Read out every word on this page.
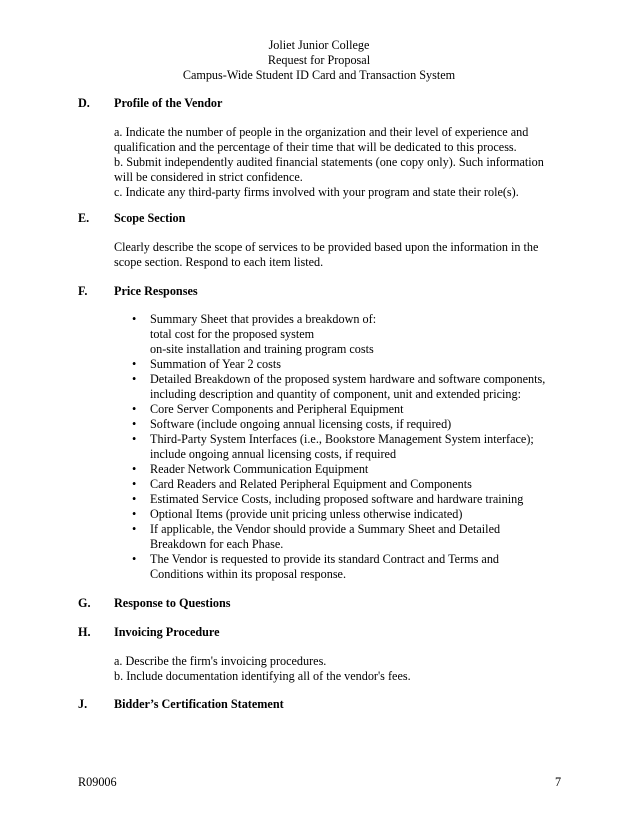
Joliet Junior College
Request for Proposal
Campus-Wide Student ID Card and Transaction System
D. Profile of the Vendor
a. Indicate the number of people in the organization and their level of experience and
qualification and the percentage of their time that will be dedicated to this process.
b. Submit independently audited financial statements (one copy only). Such information
will be considered in strict confidence.
c. Indicate any third-party firms involved with your program and state their role(s).
E. Scope Section
Clearly describe the scope of services to be provided based upon the information in the
scope section. Respond to each item listed.
F. Price Responses
• Summary Sheet that provides a breakdown of:
total cost for the proposed system
on-site installation and training program costs
• Summation of Year 2 costs
• Detailed Breakdown of the proposed system hardware and software components,
including description and quantity of component, unit and extended pricing:
• Core Server Components and Peripheral Equipment
• Software (include ongoing annual licensing costs, if required)
• Third-Party System Interfaces (i.e., Bookstore Management System interface);
include ongoing annual licensing costs, if required
• Reader Network Communication Equipment
• Card Readers and Related Peripheral Equipment and Components
• Estimated Service Costs, including proposed software and hardware training
• Optional Items (provide unit pricing unless otherwise indicated)
• If applicable, the Vendor should provide a Summary Sheet and Detailed
Breakdown for each Phase.
• The Vendor is requested to provide its standard Contract and Terms and
Conditions within its proposal response.
G. Response to Questions
H. Invoicing Procedure
a. Describe the firm's invoicing procedures.
b. Include documentation identifying all of the vendor's fees.
J. Bidder’s Certification Statement
R09006	7
